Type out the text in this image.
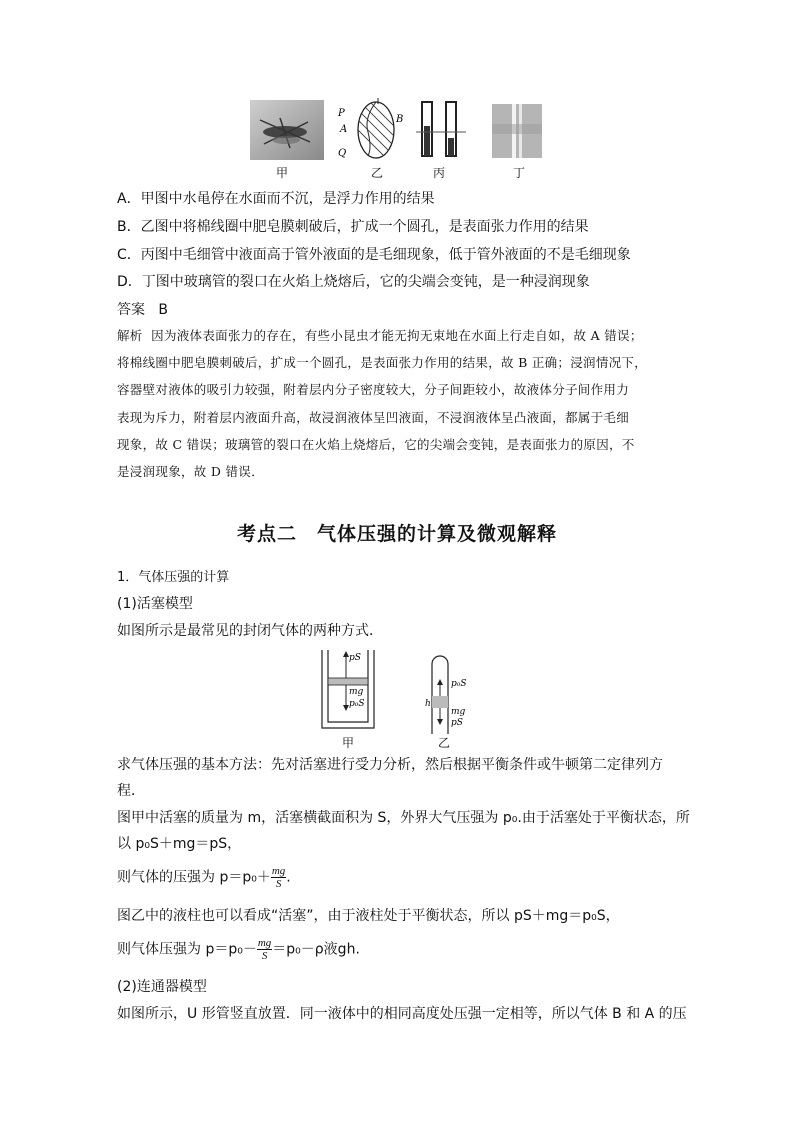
P
B
A
Q
甲	乙	丙	丁
A．甲图中水黾停在水面而不沉，是浮力作用的结果
B．乙图中将棉线圈中肥皂膜刺破后，扩成一个圆孔，是表面张力作用的结果
C．丙图中毛细管中液面高于管外液面的是毛细现象，低于管外液面的不是毛细现象
D．丁图中玻璃管的裂口在火焰上烧熔后，它的尖端会变钝，是一种浸润现象
答案 B
解析 因为液体表面张力的存在，有些小昆虫才能无拘无束地在水面上行走自如，故 A 错误；
将棉线圈中肥皂膜刺破后，扩成一个圆孔，是表面张力作用的结果，故 B 正确；浸润情况下，
容器壁对液体的吸引力较强，附着层内分子密度较大，分子间距较小，故液体分子间作用力
表现为斥力，附着层内液面升高，故浸润液体呈凹液面，不浸润液体呈凸液面，都属于毛细
现象，故 C 错误；玻璃管的裂口在火焰上烧熔后，它的尖端会变钝，是表面张力的原因，不
是浸润现象，故 D 错误．
考点二　气体压强的计算及微观解释
1．气体压强的计算
(1)活塞模型
如图所示是最常见的封闭气体的两种方式．
pS
mg
p₀S
p₀S
mg
pS
h
甲	乙
求气体压强的基本方法：先对活塞进行受力分析，然后根据平衡条件或牛顿第二定律列方
程．
图甲中活塞的质量为 m，活塞横截面积为 S，外界大气压强为 p₀.由于活塞处于平衡状态，所
以 p₀S＋mg＝pS，
则气体的压强为 $p=p_0+ \frac{mg}{S}$ .
图乙中的液柱也可以看成“活塞”，由于液柱处于平衡状态，所以 pS＋mg＝p₀S，
则气体压强为 $p=p_0- \frac{mg}{S} =p_0-\rho$液gh.
(2)连通器模型
如图所示，U 形管竖直放置．同一液体中的相同高度处压强一定相等，所以气体 B 和 A 的压
